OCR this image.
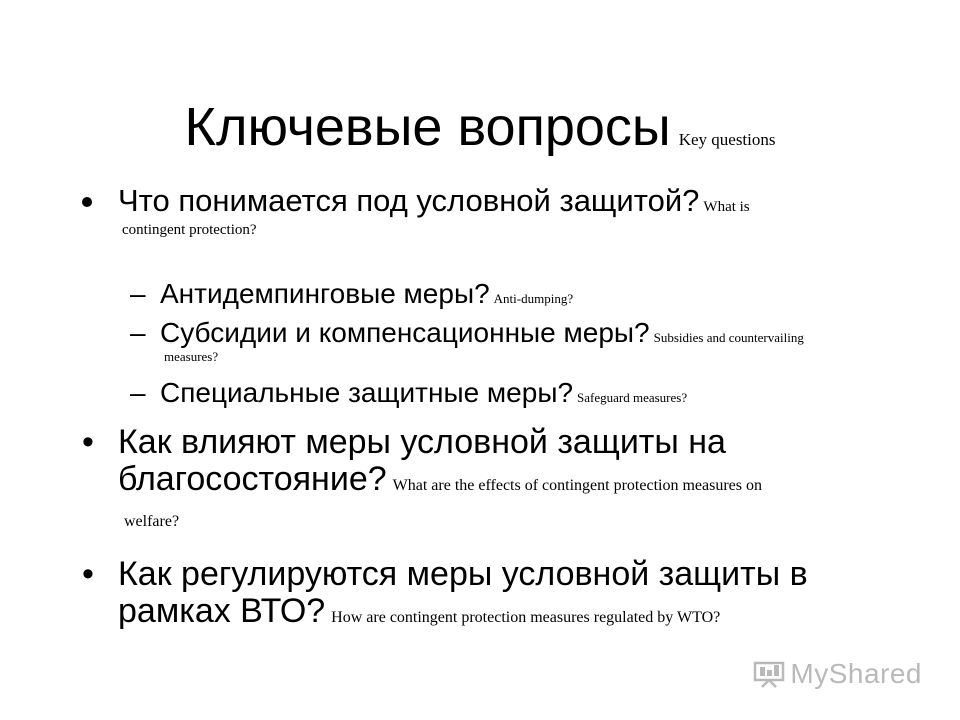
Ключевые вопросы Key questions
Что понимается под условной защитой? What is
contingent protection?
– Антидемпинговые меры? Anti-dumping?
– Субсидии и компенсационные меры? Subsidies and countervailing
measures?
– Специальные защитные меры? Safeguard measures?
• Как влияют меры условной защиты на
благосостояние? What are the effects of contingent protection measures on
welfare?
• Как регулируются меры условной защиты в
рамках ВТО? How are contingent protection measures regulated by WTO?
MyShared
